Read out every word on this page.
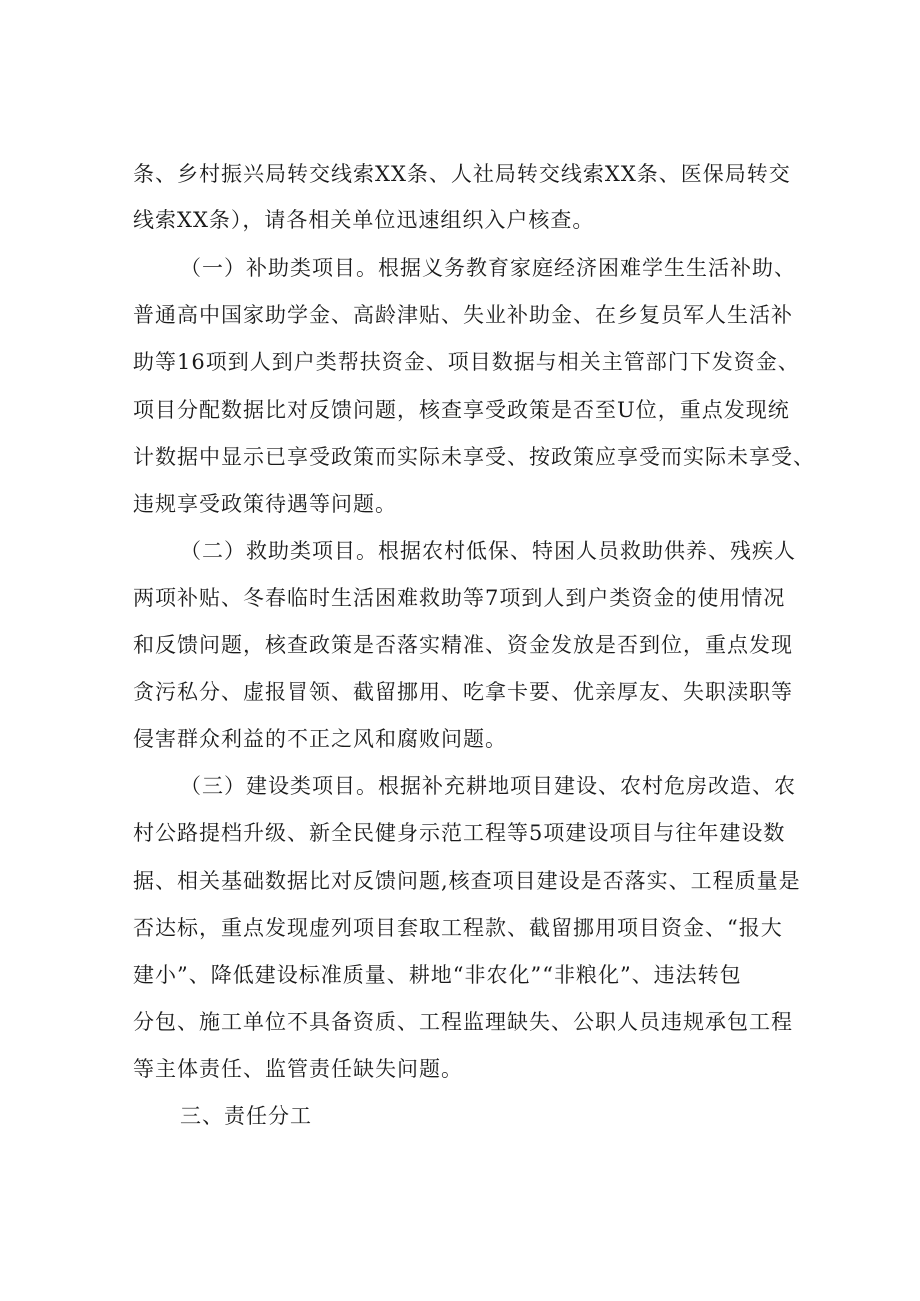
条、乡村振兴局转交线索XX条、人社局转交线索XX条、医保局转交
线索XX条），请各相关单位迅速组织入户核查。
（一）补助类项目。根据义务教育家庭经济困难学生生活补助、
普通高中国家助学金、高龄津贴、失业补助金、在乡复员军人生活补
助等16项到人到户类帮扶资金、项目数据与相关主管部门下发资金、
项目分配数据比对反馈问题，核查享受政策是否至U位，重点发现统
计数据中显示已享受政策而实际未享受、按政策应享受而实际未享受、
违规享受政策待遇等问题。
（二）救助类项目。根据农村低保、特困人员救助供养、残疾人
两项补贴、冬春临时生活困难救助等7项到人到户类资金的使用情况
和反馈问题，核查政策是否落实精准、资金发放是否到位，重点发现
贪污私分、虚报冒领、截留挪用、吃拿卡要、优亲厚友、失职渎职等
侵害群众利益的不正之风和腐败问题。
（三）建设类项目。根据补充耕地项目建设、农村危房改造、农
村公路提档升级、新全民健身示范工程等5项建设项目与往年建设数
据、相关基础数据比对反馈问题,核查项目建设是否落实、工程质量是
否达标，重点发现虚列项目套取工程款、截留挪用项目资金、“报大
建小”、降低建设标准质量、耕地“非农化”“非粮化”、违法转包
分包、施工单位不具备资质、工程监理缺失、公职人员违规承包工程
等主体责任、监管责任缺失问题。
三、责任分工
